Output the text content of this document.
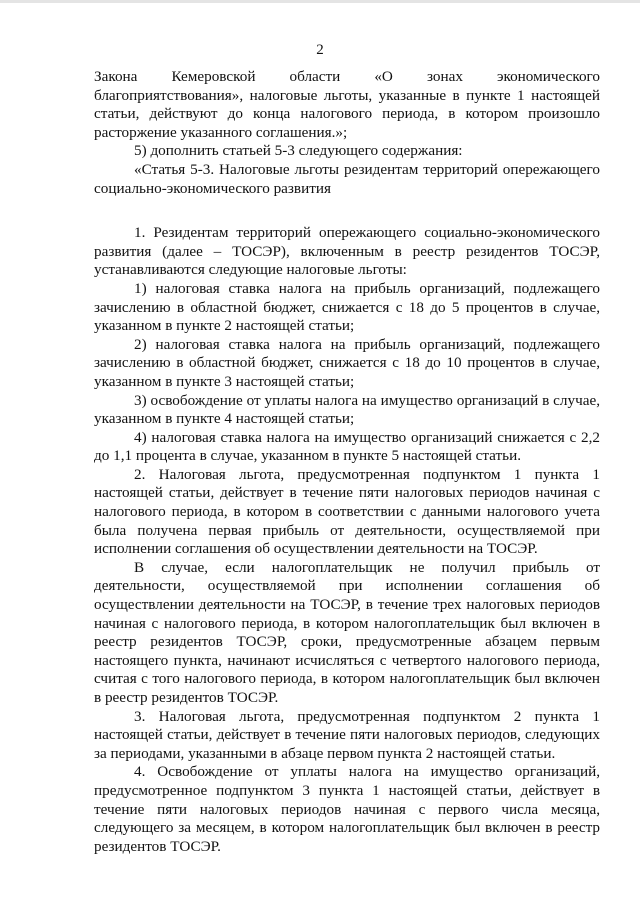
2

Закона Кемеровской области «О зонах экономического благоприятствования», налоговые льготы, указанные в пункте 1 настоящей статьи, действуют до конца налогового периода, в котором произошло расторжение указанного соглашения.»;

5) дополнить статьей 5-3 следующего содержания:

«Статья 5-3. Налоговые льготы резидентам территорий опережающего социально-экономического развития

1. Резидентам территорий опережающего социально-экономического развития (далее – ТОСЭР), включенным в реестр резидентов ТОСЭР, устанавливаются следующие налоговые льготы:

1) налоговая ставка налога на прибыль организаций, подлежащего зачислению в областной бюджет, снижается с 18 до 5 процентов в случае, указанном в пункте 2 настоящей статьи;

2) налоговая ставка налога на прибыль организаций, подлежащего зачислению в областной бюджет, снижается с 18 до 10 процентов в случае, указанном в пункте 3 настоящей статьи;

3) освобождение от уплаты налога на имущество организаций в случае, указанном в пункте 4 настоящей статьи;

4) налоговая ставка налога на имущество организаций снижается с 2,2 до 1,1 процента в случае, указанном в пункте 5 настоящей статьи.

2. Налоговая льгота, предусмотренная подпунктом 1 пункта 1 настоящей статьи, действует в течение пяти налоговых периодов начиная с налогового периода, в котором в соответствии с данными налогового учета была получена первая прибыль от деятельности, осуществляемой при исполнении соглашения об осуществлении деятельности на ТОСЭР.

В случае, если налогоплательщик не получил прибыль от деятельности, осуществляемой при исполнении соглашения об осуществлении деятельности на ТОСЭР, в течение трех налоговых периодов начиная с налогового периода, в котором налогоплательщик был включен в реестр резидентов ТОСЭР, сроки, предусмотренные абзацем первым настоящего пункта, начинают исчисляться с четвертого налогового периода, считая с того налогового периода, в котором налогоплательщик был включен в реестр резидентов ТОСЭР.

3. Налоговая льгота, предусмотренная подпунктом 2 пункта 1 настоящей статьи, действует в течение пяти налоговых периодов, следующих за периодами, указанными в абзаце первом пункта 2 настоящей статьи.

4. Освобождение от уплаты налога на имущество организаций, предусмотренное подпунктом 3 пункта 1 настоящей статьи, действует в течение пяти налоговых периодов начиная с первого числа месяца, следующего за месяцем, в котором налогоплательщик был включен в реестр резидентов ТОСЭР.
